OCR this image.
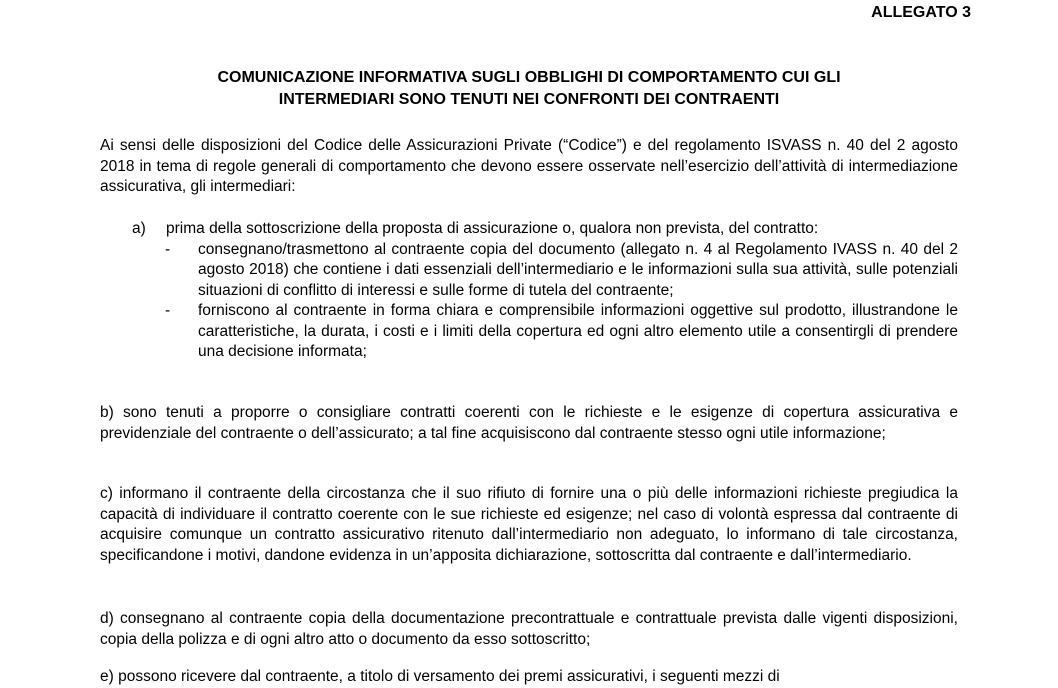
ALLEGATO 3
COMUNICAZIONE INFORMATIVA SUGLI OBBLIGHI DI COMPORTAMENTO CUI GLI
INTERMEDIARI SONO TENUTI NEI CONFRONTI DEI CONTRAENTI
Ai sensi delle disposizioni del Codice delle Assicurazioni Private (“Codice”) e del regolamento ISVASS n. 40 del 2 agosto 2018 in tema di regole generali di comportamento che devono essere osservate nell’esercizio dell’attività di intermediazione assicurativa, gli intermediari:
a) prima della sottoscrizione della proposta di assicurazione o, qualora non prevista, del contratto:
- consegnano/trasmettono al contraente copia del documento (allegato n. 4 al Regolamento IVASS n. 40 del 2 agosto 2018) che contiene i dati essenziali dell’intermediario e le informazioni sulla sua attività, sulle potenziali situazioni di conflitto di interessi e sulle forme di tutela del contraente;
- forniscono al contraente in forma chiara e comprensibile informazioni oggettive sul prodotto, illustrandone le caratteristiche, la durata, i costi e i limiti della copertura ed ogni altro elemento utile a consentirgli di prendere una decisione informata;
b) sono tenuti a proporre o consigliare contratti coerenti con le richieste e le esigenze di copertura assicurativa e previdenziale del contraente o dell’assicurato; a tal fine acquisiscono dal contraente stesso ogni utile informazione;
c) informano il contraente della circostanza che il suo rifiuto di fornire una o più delle informazioni richieste pregiudica la capacità di individuare il contratto coerente con le sue richieste ed esigenze; nel caso di volontà espressa dal contraente di acquisire comunque un contratto assicurativo ritenuto dall’intermediario non adeguato, lo informano di tale circostanza, specificandone i motivi, dandone evidenza in un’apposita dichiarazione, sottoscritta dal contraente e dall’intermediario.
d) consegnano al contraente copia della documentazione precontrattuale e contrattuale prevista dalle vigenti disposizioni, copia della polizza e di ogni altro atto o documento da esso sottoscritto;
e) possono ricevere dal contraente, a titolo di versamento dei premi assicurativi, i seguenti mezzi di
